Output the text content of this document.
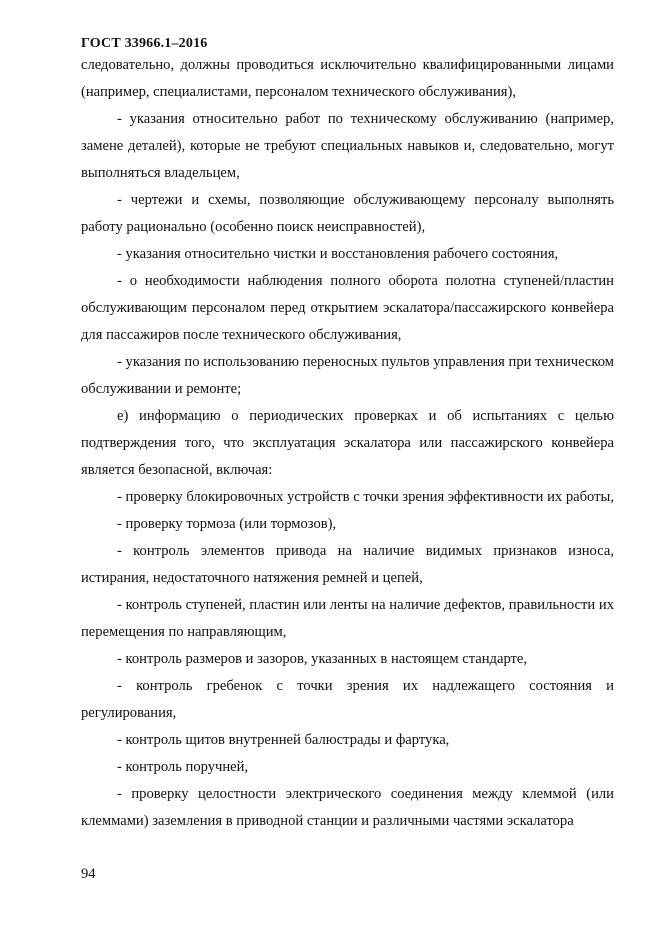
ГОСТ 33966.1–2016

следовательно, должны проводиться исключительно квалифицированными лицами (например, специалистами, персоналом технического обслуживания),

- указания относительно работ по техническому обслуживанию (например, замене деталей), которые не требуют специальных навыков и, следовательно, могут выполняться владельцем,

- чертежи и схемы, позволяющие обслуживающему персоналу выполнять работу рационально (особенно поиск неисправностей),

- указания относительно чистки и восстановления рабочего состояния,

- о необходимости наблюдения полного оборота полотна ступеней/пластин обслуживающим персоналом перед открытием эскалатора/пассажирского конвейера для пассажиров после технического обслуживания,

- указания по использованию переносных пультов управления при техническом обслуживании и ремонте;

е) информацию о периодических проверках и об испытаниях с целью подтверждения того, что эксплуатация эскалатора или пассажирского конвейера является безопасной, включая:

- проверку блокировочных устройств с точки зрения эффективности их работы,

- проверку тормоза (или тормозов),

- контроль элементов привода на наличие видимых признаков износа, истирания, недостаточного натяжения ремней и цепей,

- контроль ступеней, пластин или ленты на наличие дефектов, правильности их перемещения по направляющим,

- контроль размеров и зазоров, указанных в настоящем стандарте,

- контроль гребенок с точки зрения их надлежащего состояния и регулирования,

- контроль щитов внутренней балюстрады и фартука,

- контроль поручней,

- проверку целостности электрического соединения между клеммой (или клеммами) заземления в приводной станции и различными частями эскалатора

94
